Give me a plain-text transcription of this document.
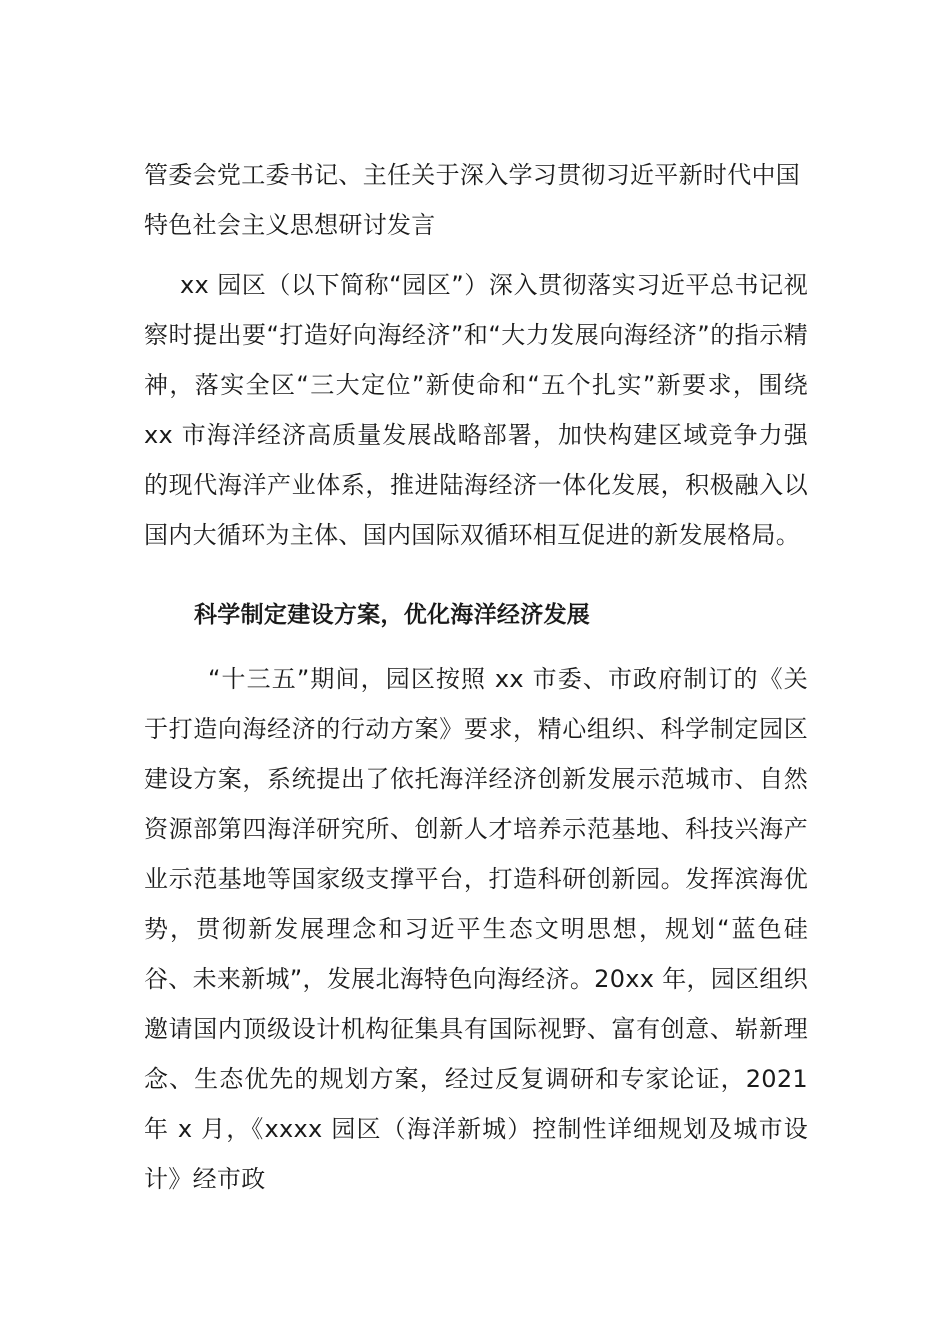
管委会党工委书记、主任关于深入学习贯彻习近平新时代中国特色社会主义思想研讨发言

xx 园区（以下简称“园区”）深入贯彻落实习近平总书记视察时提出要“打造好向海经济”和“大力发展向海经济”的指示精神，落实全区“三大定位”新使命和“五个扎实”新要求，围绕 xx 市海洋经济高质量发展战略部署，加快构建区域竞争力强的现代海洋产业体系，推进陆海经济一体化发展，积极融入以国内大循环为主体、国内国际双循环相互促进的新发展格局。

科学制定建设方案，优化海洋经济发展

“十三五”期间，园区按照 xx 市委、市政府制订的《关于打造向海经济的行动方案》要求，精心组织、科学制定园区建设方案，系统提出了依托海洋经济创新发展示范城市、自然资源部第四海洋研究所、创新人才培养示范基地、科技兴海产业示范基地等国家级支撑平台，打造科研创新园。发挥滨海优势，贯彻新发展理念和习近平生态文明思想，规划“蓝色硅谷、未来新城”，发展北海特色向海经济。20xx 年，园区组织邀请国内顶级设计机构征集具有国际视野、富有创意、崭新理念、生态优先的规划方案，经过反复调研和专家论证，2021 年 x 月，《xxxx 园区（海洋新城）控制性详细规划及城市设计》经市政
